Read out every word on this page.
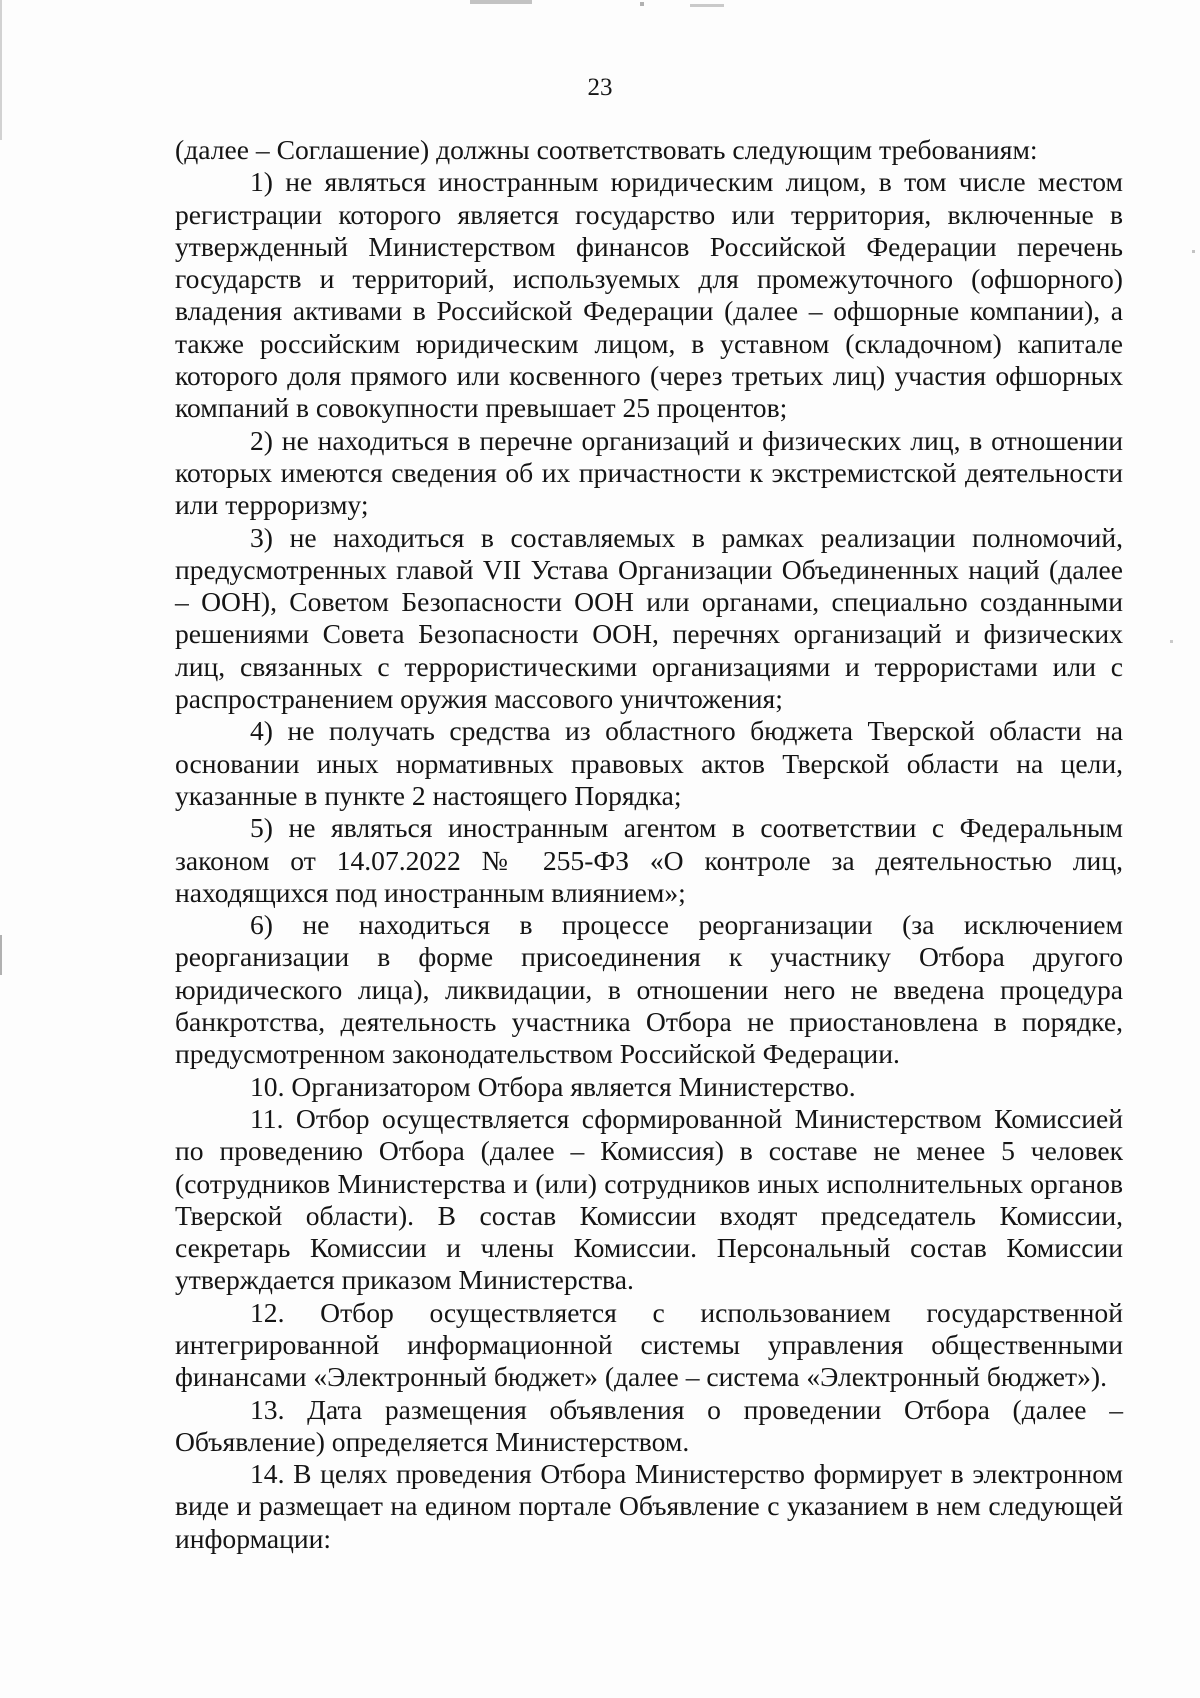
23

(далее – Соглашение) должны соответствовать следующим требованиям:

1) не являться иностранным юридическим лицом, в том числе местом регистрации которого является государство или территория, включенные в утвержденный Министерством финансов Российской Федерации перечень государств и территорий, используемых для промежуточного (офшорного) владения активами в Российской Федерации (далее – офшорные компании), а также российским юридическим лицом, в уставном (складочном) капитале которого доля прямого или косвенного (через третьих лиц) участия офшорных компаний в совокупности превышает 25 процентов;

2) не находиться в перечне организаций и физических лиц, в отношении которых имеются сведения об их причастности к экстремистской деятельности или терроризму;

3) не находиться в составляемых в рамках реализации полномочий, предусмотренных главой VII Устава Организации Объединенных наций (далее – ООН), Советом Безопасности ООН или органами, специально созданными решениями Совета Безопасности ООН, перечнях организаций и физических лиц, связанных с террористическими организациями и террористами или с распространением оружия массового уничтожения;

4) не получать средства из областного бюджета Тверской области на основании иных нормативных правовых актов Тверской области на цели, указанные в пункте 2 настоящего Порядка;

5) не являться иностранным агентом в соответствии с Федеральным законом от 14.07.2022 № 255-ФЗ «О контроле за деятельностью лиц, находящихся под иностранным влиянием»;

6) не находиться в процессе реорганизации (за исключением реорганизации в форме присоединения к участнику Отбора другого юридического лица), ликвидации, в отношении него не введена процедура банкротства, деятельность участника Отбора не приостановлена в порядке, предусмотренном законодательством Российской Федерации.

10. Организатором Отбора является Министерство.

11. Отбор осуществляется сформированной Министерством Комиссией по проведению Отбора (далее – Комиссия) в составе не менее 5 человек (сотрудников Министерства и (или) сотрудников иных исполнительных органов Тверской области). В состав Комиссии входят председатель Комиссии, секретарь Комиссии и члены Комиссии. Персональный состав Комиссии утверждается приказом Министерства.

12. Отбор осуществляется с использованием государственной интегрированной информационной системы управления общественными финансами «Электронный бюджет» (далее – система «Электронный бюджет»).

13. Дата размещения объявления о проведении Отбора (далее – Объявление) определяется Министерством.

14. В целях проведения Отбора Министерство формирует в электронном виде и размещает на едином портале Объявление с указанием в нем следующей информации:
